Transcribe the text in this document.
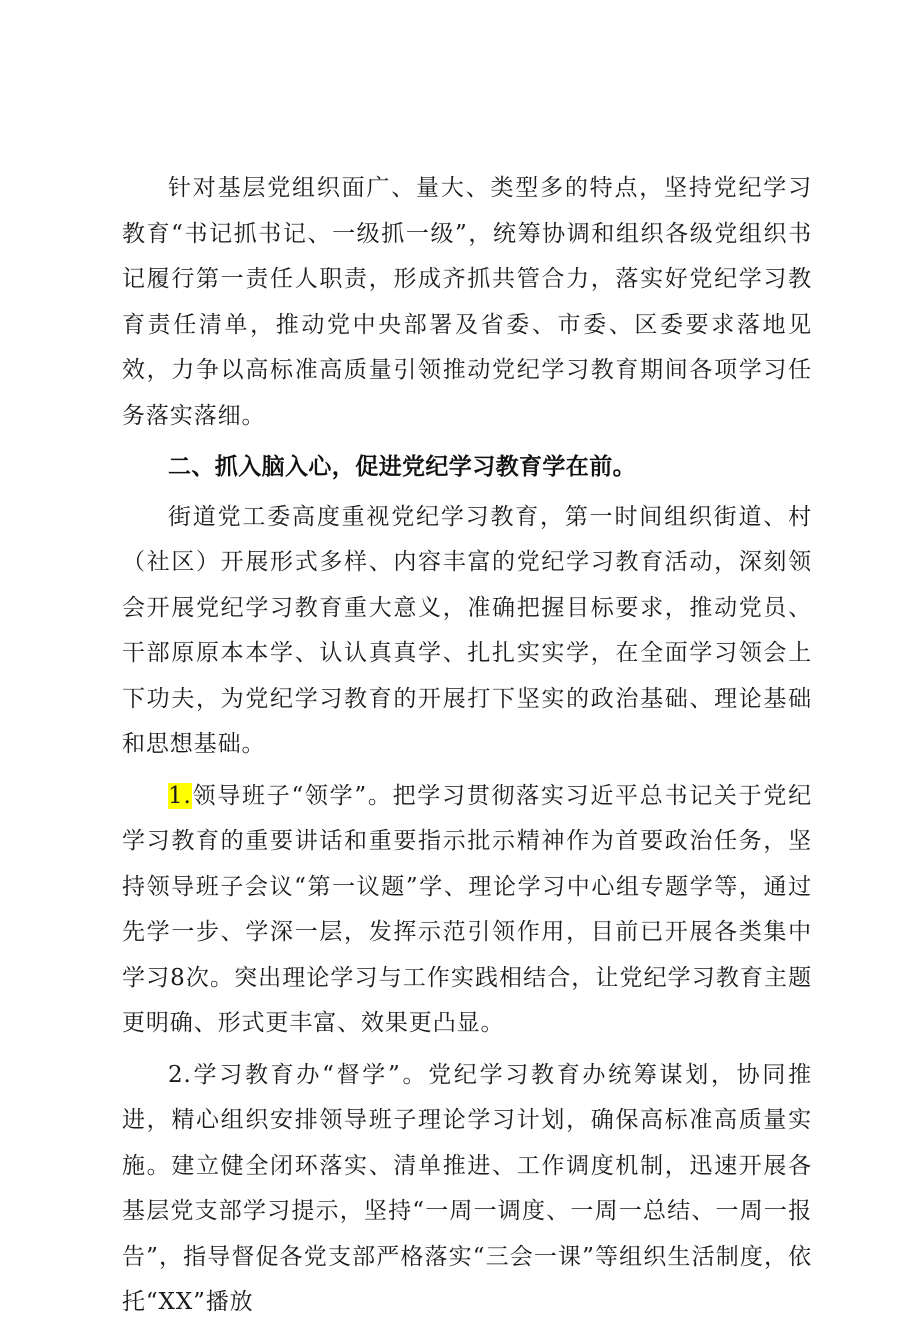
针对基层党组织面广、量大、类型多的特点，坚持党纪学习教育“书记抓书记、一级抓一级”，统筹协调和组织各级党组织书记履行第一责任人职责，形成齐抓共管合力，落实好党纪学习教育责任清单，推动党中央部署及省委、市委、区委要求落地见效，力争以高标准高质量引领推动党纪学习教育期间各项学习任务落实落细。

二、抓入脑入心，促进党纪学习教育学在前。

街道党工委高度重视党纪学习教育，第一时间组织街道、村（社区）开展形式多样、内容丰富的党纪学习教育活动，深刻领会开展党纪学习教育重大意义，准确把握目标要求，推动党员、干部原原本本学、认认真真学、扎扎实实学，在全面学习领会上下功夫，为党纪学习教育的开展打下坚实的政治基础、理论基础和思想基础。

1.领导班子“领学”。把学习贯彻落实习近平总书记关于党纪学习教育的重要讲话和重要指示批示精神作为首要政治任务，坚持领导班子会议“第一议题”学、理论学习中心组专题学等，通过先学一步、学深一层，发挥示范引领作用，目前已开展各类集中学习8次。突出理论学习与工作实践相结合，让党纪学习教育主题更明确、形式更丰富、效果更凸显。

2.学习教育办“督学”。党纪学习教育办统筹谋划，协同推进，精心组织安排领导班子理论学习计划，确保高标准高质量实施。建立健全闭环落实、清单推进、工作调度机制，迅速开展各基层党支部学习提示，坚持“一周一调度、一周一总结、一周一报告”，指导督促各党支部严格落实“三会一课”等组织生活制度，依托“XX”播放
